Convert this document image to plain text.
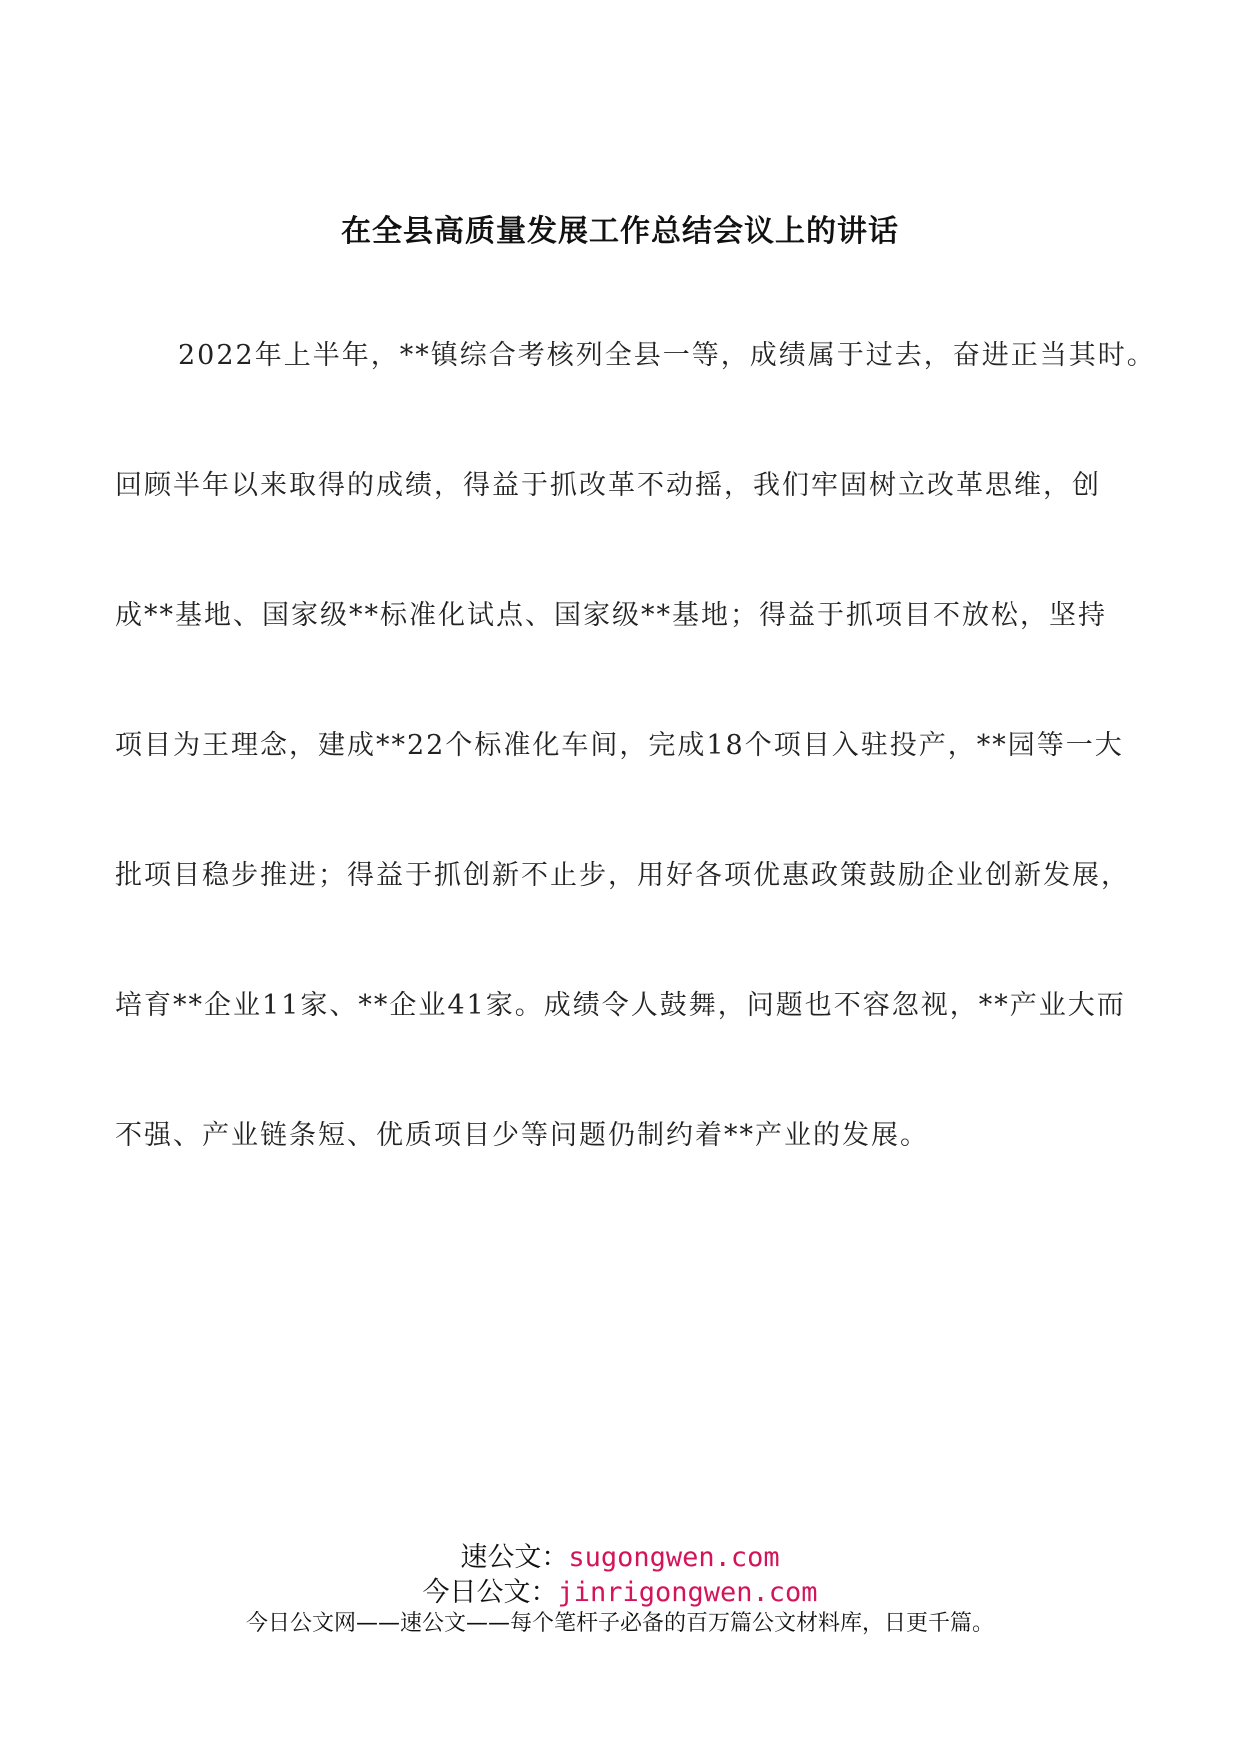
在全县高质量发展工作总结会议上的讲话
2022年上半年，**镇综合考核列全县一等，成绩属于过去，奋进正当其时。
回顾半年以来取得的成绩，得益于抓改革不动摇，我们牢固树立改革思维，创
成**基地、国家级**标准化试点、国家级**基地；得益于抓项目不放松，坚持
项目为王理念，建成**22个标准化车间，完成18个项目入驻投产，**园等一大
批项目稳步推进；得益于抓创新不止步，用好各项优惠政策鼓励企业创新发展，
培育**企业11家、**企业41家。成绩令人鼓舞，问题也不容忽视，**产业大而
不强、产业链条短、优质项目少等问题仍制约着**产业的发展。
速公文：sugongwen.com
今日公文：jinrigongwen.com
今日公文网——速公文——每个笔杆子必备的百万篇公文材料库，日更千篇。
